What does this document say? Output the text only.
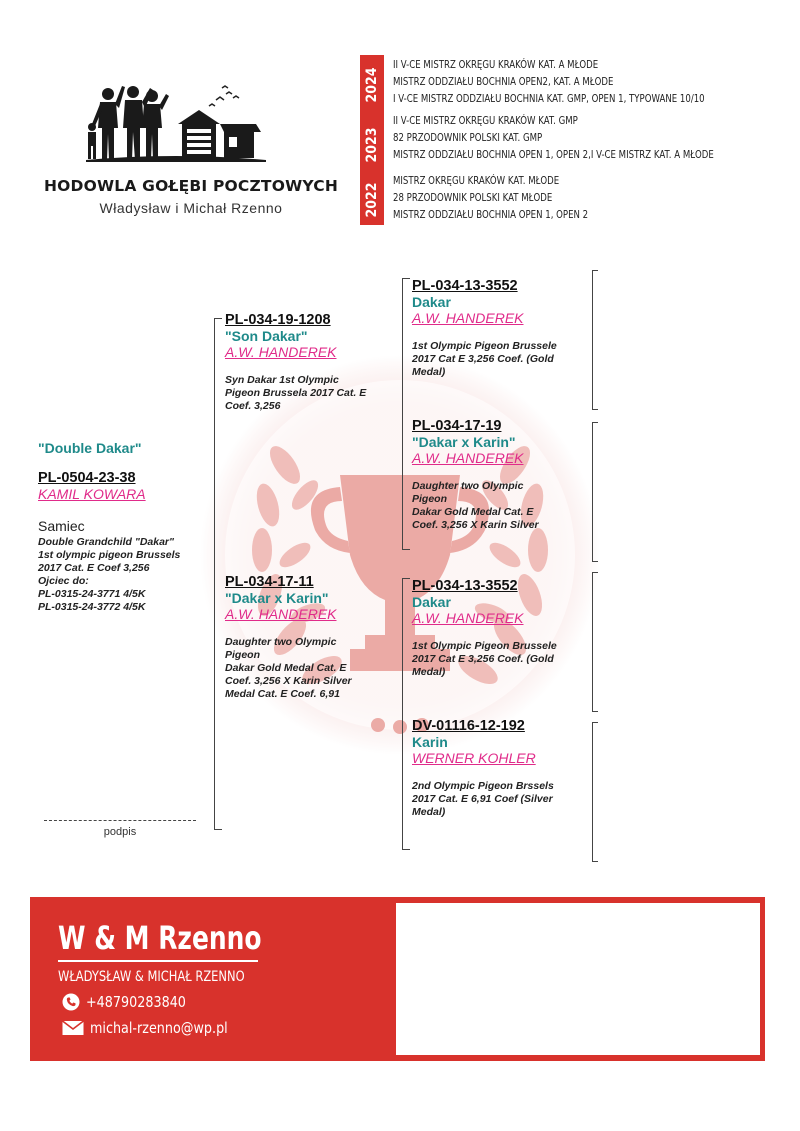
HODOWLA GOŁĘBI POCZTOWYCH
Władysław i Michał Rzenno
2024
2023
2022
II V-CE MISTRZ OKRĘGU KRAKÓW KAT. A MŁODE
MISTRZ ODDZIAŁU BOCHNIA OPEN2, KAT. A MŁODE
I V-CE MISTRZ ODDZIAŁU BOCHNIA KAT. GMP, OPEN 1, TYPOWANE 10/10
II V-CE MISTRZ OKRĘGU KRAKÓW KAT. GMP
82 PRZODOWNIK POLSKI KAT. GMP
MISTRZ ODDZIAŁU BOCHNIA OPEN 1, OPEN 2,I V-CE MISTRZ KAT. A MŁODE
MISTRZ OKRĘGU KRAKÓW KAT. MŁODE
28 PRZODOWNIK POLSKI KAT MŁODE
MISTRZ ODDZIAŁU BOCHNIA OPEN 1, OPEN 2
"Double Dakar"
PL-0504-23-38
KAMIL KOWARA
Samiec
Double Grandchild "Dakar"
1st olympic pigeon Brussels
2017 Cat. E Coef 3,256
Ojciec do:
PL-0315-24-3771 4/5K
PL-0315-24-3772 4/5K
PL-034-19-1208
"Son Dakar"
A.W. HANDEREK
Syn Dakar 1st Olympic
Pigeon Brussela 2017 Cat. E
Coef. 3,256
PL-034-17-11
"Dakar x Karin"
A.W. HANDEREK
Daughter two Olympic
Pigeon
Dakar Gold Medal Cat. E
Coef. 3,256 X Karin Silver
Medal Cat. E Coef. 6,91
PL-034-13-3552
Dakar
A.W. HANDEREK
1st Olympic Pigeon Brussele
2017 Cat E 3,256 Coef. (Gold
Medal)
PL-034-17-19
"Dakar x Karin"
A.W. HANDEREK
Daughter two Olympic
Pigeon
Dakar Gold Medal Cat. E
Coef. 3,256 X Karin Silver
PL-034-13-3552
Dakar
A.W. HANDEREK
1st Olympic Pigeon Brussele
2017 Cat E 3,256 Coef. (Gold
Medal)
DV-01116-12-192
Karin
WERNER KOHLER
2nd Olympic Pigeon Brssels
2017 Cat. E 6,91 Coef (Silver
Medal)
podpis
W & M Rzenno
WŁADYSŁAW & MICHAŁ RZENNO
+48790283840
michal-rzenno@wp.pl
